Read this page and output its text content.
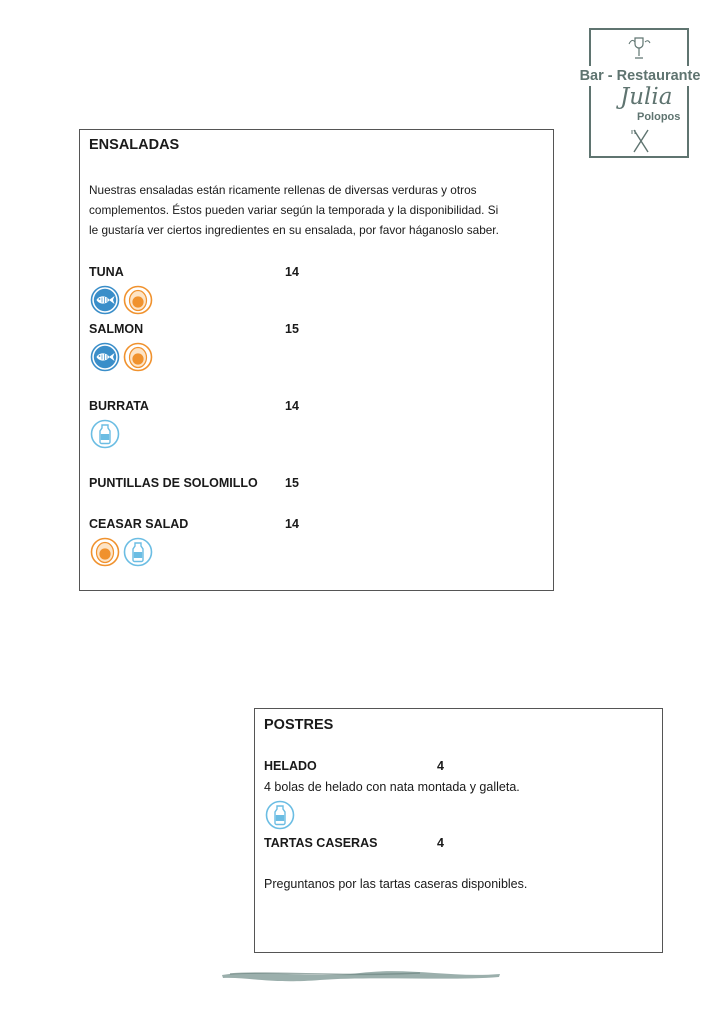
Bar - Restaurante
Julia
Polopos
ENSALADAS
Nuestras ensaladas están ricamente rellenas de diversas verduras y otros
complementos. Éstos pueden variar según la temporada y la disponibilidad. Si
le gustaría ver ciertos ingredientes en su ensalada, por favor háganoslo saber.
TUNA	14
SALMON	15
BURRATA	14
PUNTILLAS DE SOLOMILLO 15
CEASAR SALAD	14
POSTRES
HELADO	4
4 bolas de helado con nata montada y galleta.
TARTAS CASERAS	4
Preguntanos por las tartas caseras disponibles.
